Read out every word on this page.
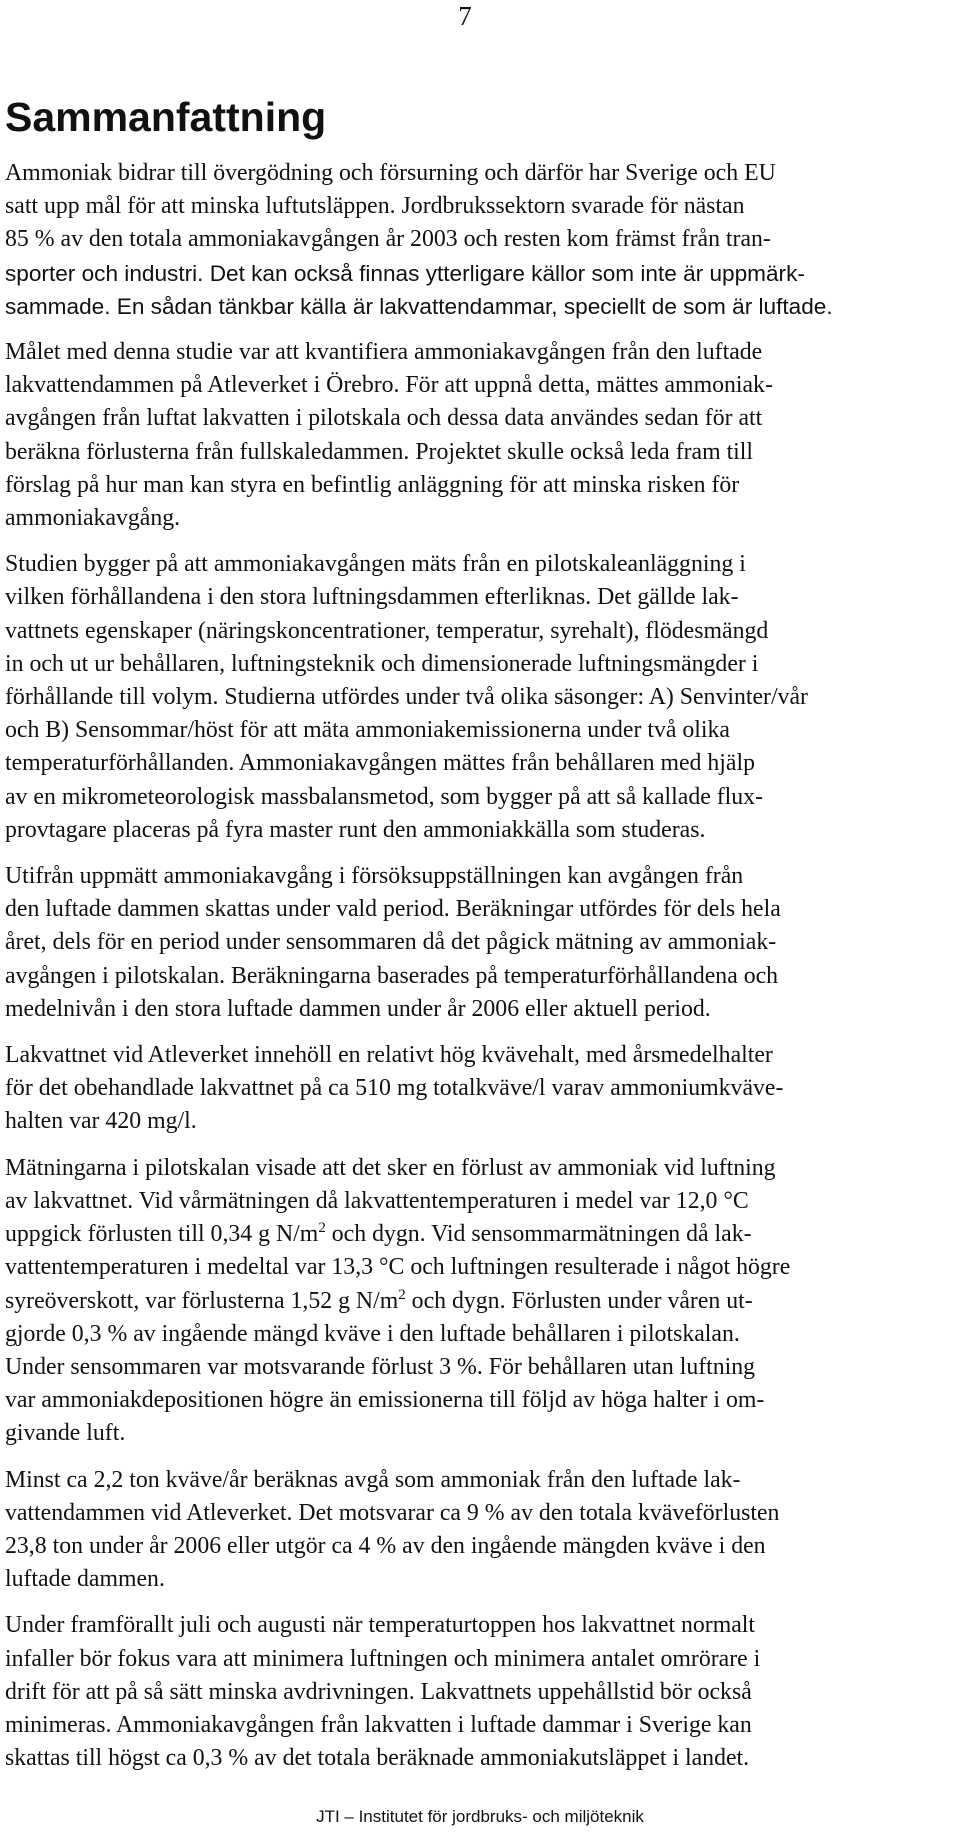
7
Sammanfattning

Ammoniak bidrar till övergödning och försurning och därför har Sverige och EU
satt upp mål för att minska luftutsläppen. Jordbrukssektorn svarade för nästan
85 % av den totala ammoniakavgången år 2003 och resten kom främst från tran-
sporter och industri. Det kan också finnas ytterligare källor som inte är uppmärk-
sammade. En sådan tänkbar källa är lakvattendammar, speciellt de som är luftade.

Målet med denna studie var att kvantifiera ammoniakavgången från den luftade
lakvattendammen på Atleverket i Örebro. För att uppnå detta, mättes ammoniak-
avgången från luftat lakvatten i pilotskala och dessa data användes sedan för att
beräkna förlusterna från fullskaledammen. Projektet skulle också leda fram till
förslag på hur man kan styra en befintlig anläggning för att minska risken för
ammoniakavgång.

Studien bygger på att ammoniakavgången mäts från en pilotskaleanläggning i
vilken förhållandena i den stora luftningsdammen efterliknas. Det gällde lak-
vattnets egenskaper (näringskoncentrationer, temperatur, syrehalt), flödesmängd
in och ut ur behållaren, luftningsteknik och dimensionerade luftningsmängder i
förhållande till volym. Studierna utfördes under två olika säsonger: A) Senvinter/vår
och B) Sensommar/höst för att mäta ammoniakemissionerna under två olika
temperaturförhållanden. Ammoniakavgången mättes från behållaren med hjälp
av en mikrometeorologisk massbalansmetod, som bygger på att så kallade flux-
provtagare placeras på fyra master runt den ammoniakkälla som studeras.

Utifrån uppmätt ammoniakavgång i försöksuppställningen kan avgången från
den luftade dammen skattas under vald period. Beräkningar utfördes för dels hela
året, dels för en period under sensommaren då det pågick mätning av ammoniak-
avgången i pilotskalan. Beräkningarna baserades på temperaturförhållandena och
medelnivån i den stora luftade dammen under år 2006 eller aktuell period.

Lakvattnet vid Atleverket innehöll en relativt hög kvävehalt, med årsmedelhalter
för det obehandlade lakvattnet på ca 510 mg totalkväve/l varav ammoniumkväve-
halten var 420 mg/l.

Mätningarna i pilotskalan visade att det sker en förlust av ammoniak vid luftning
av lakvattnet. Vid vårmätningen då lakvattentemperaturen i medel var 12,0 °C
uppgick förlusten till 0,34 g $N/m^2$ och dygn. Vid sensommarmätningen då lak-
vattentemperaturen i medeltal var 13,3 °C och luftningen resulterade i något högre
syreöverskott, var förlusterna 1,52 g $N/m^2$ och dygn. Förlusten under våren ut-
gjorde 0,3 % av ingående mängd kväve i den luftade behållaren i pilotskalan.
Under sensommaren var motsvarande förlust 3 %. För behållaren utan luftning
var ammoniakdepositionen högre än emissionerna till följd av höga halter i om-
givande luft.

Minst ca 2,2 ton kväve/år beräknas avgå som ammoniak från den luftade lak-
vattendammen vid Atleverket. Det motsvarar ca 9 % av den totala kväveförlusten
23,8 ton under år 2006 eller utgör ca 4 % av den ingående mängden kväve i den
luftade dammen.

Under framförallt juli och augusti när temperaturtoppen hos lakvattnet normalt
infaller bör fokus vara att minimera luftningen och minimera antalet omrörare i
drift för att på så sätt minska avdrivningen. Lakvattnets uppehållstid bör också
minimeras. Ammoniakavgången från lakvatten i luftade dammar i Sverige kan
skattas till högst ca 0,3 % av det totala beräknade ammoniakutsläppet i landet.

JTI – Institutet för jordbruks- och miljöteknik
